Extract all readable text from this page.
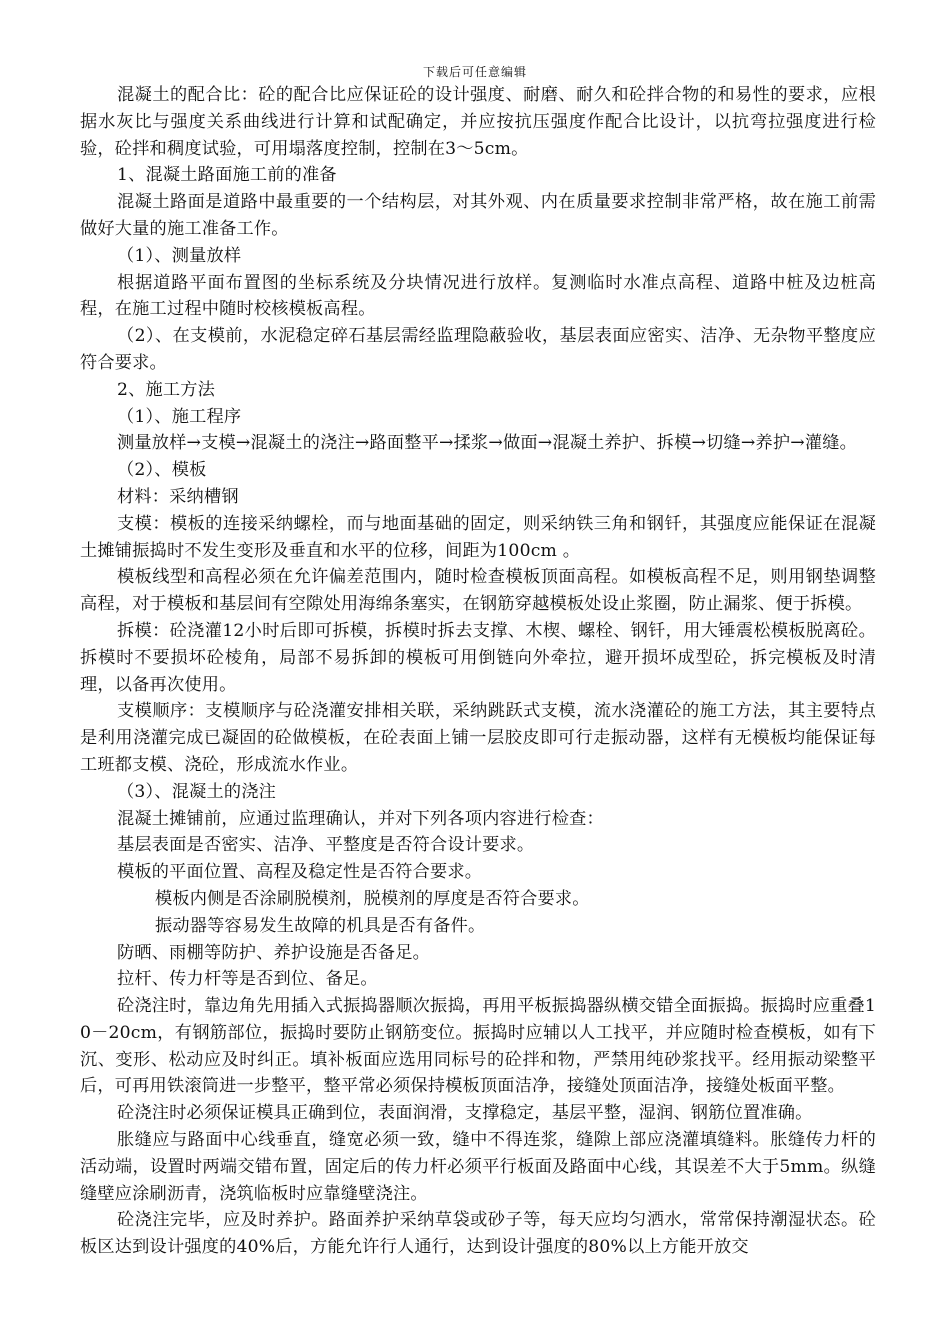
下载后可任意编辑

混凝土的配合比：砼的配合比应保证砼的设计强度、耐磨、耐久和砼拌合物的和易性的要求，应根据水灰比与强度关系曲线进行计算和试配确定，并应按抗压强度作配合比设计，以抗弯拉强度进行检验，砼拌和稠度试验，可用塌落度控制，控制在3～5cm。

1、混凝土路面施工前的准备

混凝土路面是道路中最重要的一个结构层，对其外观、内在质量要求控制非常严格，故在施工前需做好大量的施工准备工作。

（1）、测量放样

根据道路平面布置图的坐标系统及分块情况进行放样。复测临时水准点高程、道路中桩及边桩高程，在施工过程中随时校核模板高程。

（2）、在支模前，水泥稳定碎石基层需经监理隐蔽验收，基层表面应密实、洁净、无杂物平整度应符合要求。

2、施工方法

（1）、施工程序

测量放样→支模→混凝土的浇注→路面整平→揉浆→做面→混凝土养护、拆模→切缝→养护→灌缝。

（2）、模板

材料：采纳槽钢

支模：模板的连接采纳螺栓，而与地面基础的固定，则采纳铁三角和钢钎，其强度应能保证在混凝土摊铺振捣时不发生变形及垂直和水平的位移，间距为100cm 。

模板线型和高程必须在允许偏差范围内，随时检查模板顶面高程。如模板高程不足，则用钢垫调整高程，对于模板和基层间有空隙处用海绵条塞实，在钢筋穿越模板处设止浆圈，防止漏浆、便于拆模。

拆模：砼浇灌12小时后即可拆模，拆模时拆去支撑、木楔、螺栓、钢钎，用大锤震松模板脱离砼。拆模时不要损坏砼棱角，局部不易拆卸的模板可用倒链向外牵拉，避开损坏成型砼，拆完模板及时清理，以备再次使用。

支模顺序：支模顺序与砼浇灌安排相关联，采纳跳跃式支模，流水浇灌砼的施工方法，其主要特点是利用浇灌完成已凝固的砼做模板，在砼表面上铺一层胶皮即可行走振动器，这样有无模板均能保证每工班都支模、浇砼，形成流水作业。

（3）、混凝土的浇注

混凝土摊铺前，应通过监理确认，并对下列各项内容进行检查：

基层表面是否密实、洁净、平整度是否符合设计要求。

模板的平面位置、高程及稳定性是否符合要求。

模板内侧是否涂刷脱模剂，脱模剂的厚度是否符合要求。

振动器等容易发生故障的机具是否有备件。

防晒、雨棚等防护、养护设施是否备足。

拉杆、传力杆等是否到位、备足。

砼浇注时，靠边角先用插入式振捣器顺次振捣，再用平板振捣器纵横交错全面振捣。振捣时应重叠10－20cm，有钢筋部位，振捣时要防止钢筋变位。振捣时应辅以人工找平，并应随时检查模板，如有下沉、变形、松动应及时纠正。填补板面应选用同标号的砼拌和物，严禁用纯砂浆找平。经用振动梁整平后，可再用铁滚筒进一步整平，整平常必须保持模板顶面洁净，接缝处顶面洁净，接缝处板面平整。

砼浇注时必须保证模具正确到位，表面润滑，支撑稳定，基层平整，湿润、钢筋位置准确。

胀缝应与路面中心线垂直，缝宽必须一致，缝中不得连浆，缝隙上部应浇灌填缝料。胀缝传力杆的活动端，设置时两端交错布置，固定后的传力杆必须平行板面及路面中心线，其误差不大于5mm。纵缝缝壁应涂刷沥青，浇筑临板时应靠缝壁浇注。

砼浇注完毕，应及时养护。路面养护采纳草袋或砂子等，每天应均匀洒水，常常保持潮湿状态。砼板区达到设计强度的40%后，方能允许行人通行，达到设计强度的80%以上方能开放交
